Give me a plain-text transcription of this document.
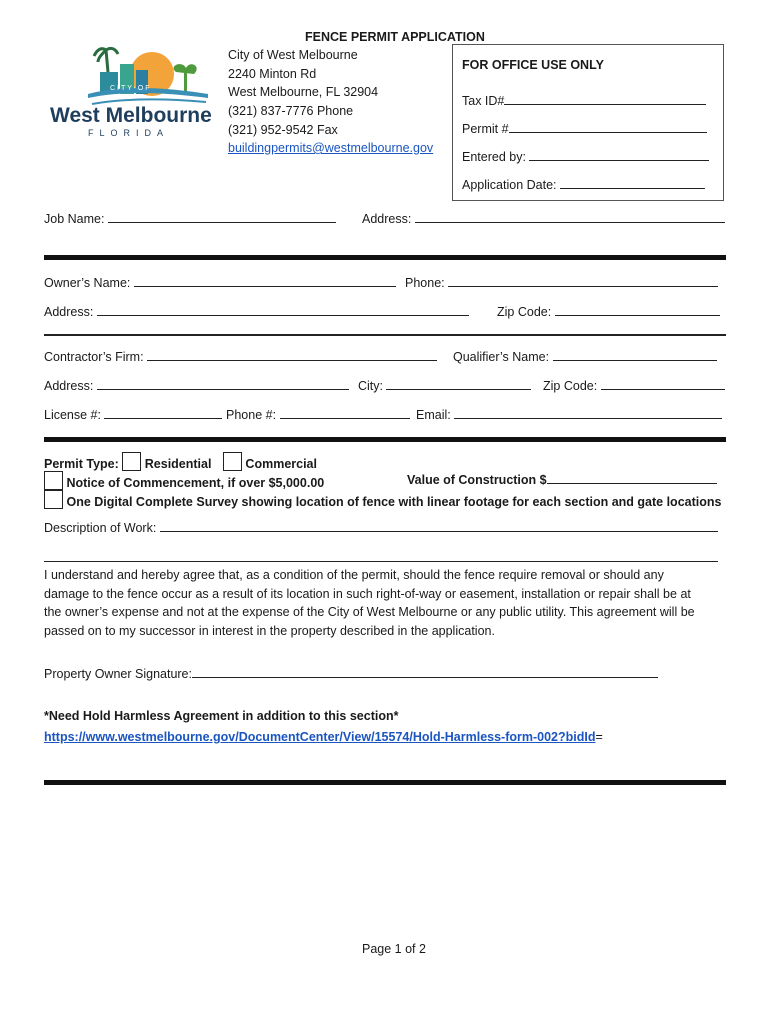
CITY OF
West Melbourne
FLORIDA
FENCE PERMIT APPLICATION
City of West Melbourne
2240 Minton Rd
West Melbourne, FL 32904
(321) 837-7776 Phone
(321) 952-9542 Fax
buildingpermits@westmelbourne.gov
FOR OFFICE USE ONLY
Tax ID#
Permit #
Entered by:
Application Date:
Job Name:	Address:
Owner’s Name:	Phone:
Address:	Zip Code:
Contractor’s Firm:	Qualifier’s Name:
Address:	City:	Zip Code:
License #:	Phone #:	Email:
Permit Type: Residential	Commercial
Notice of Commencement, if over $5,000.00	Value of Construction $
One Digital Complete Survey showing location of fence with linear footage for each section and gate locations
Description of Work:
I understand and hereby agree that, as a condition of the permit, should the fence require removal or should any
damage to the fence occur as a result of its location in such right-of-way or easement, installation or repair shall be at
the owner’s expense and not at the expense of the City of West Melbourne or any public utility. This agreement will be
passed on to my successor in interest in the property described in the application.
Property Owner Signature:
*Need Hold Harmless Agreement in addition to this section*
https://www.westmelbourne.gov/DocumentCenter/View/15574/Hold-Harmless-form-002?bidId=
Page 1 of 2
